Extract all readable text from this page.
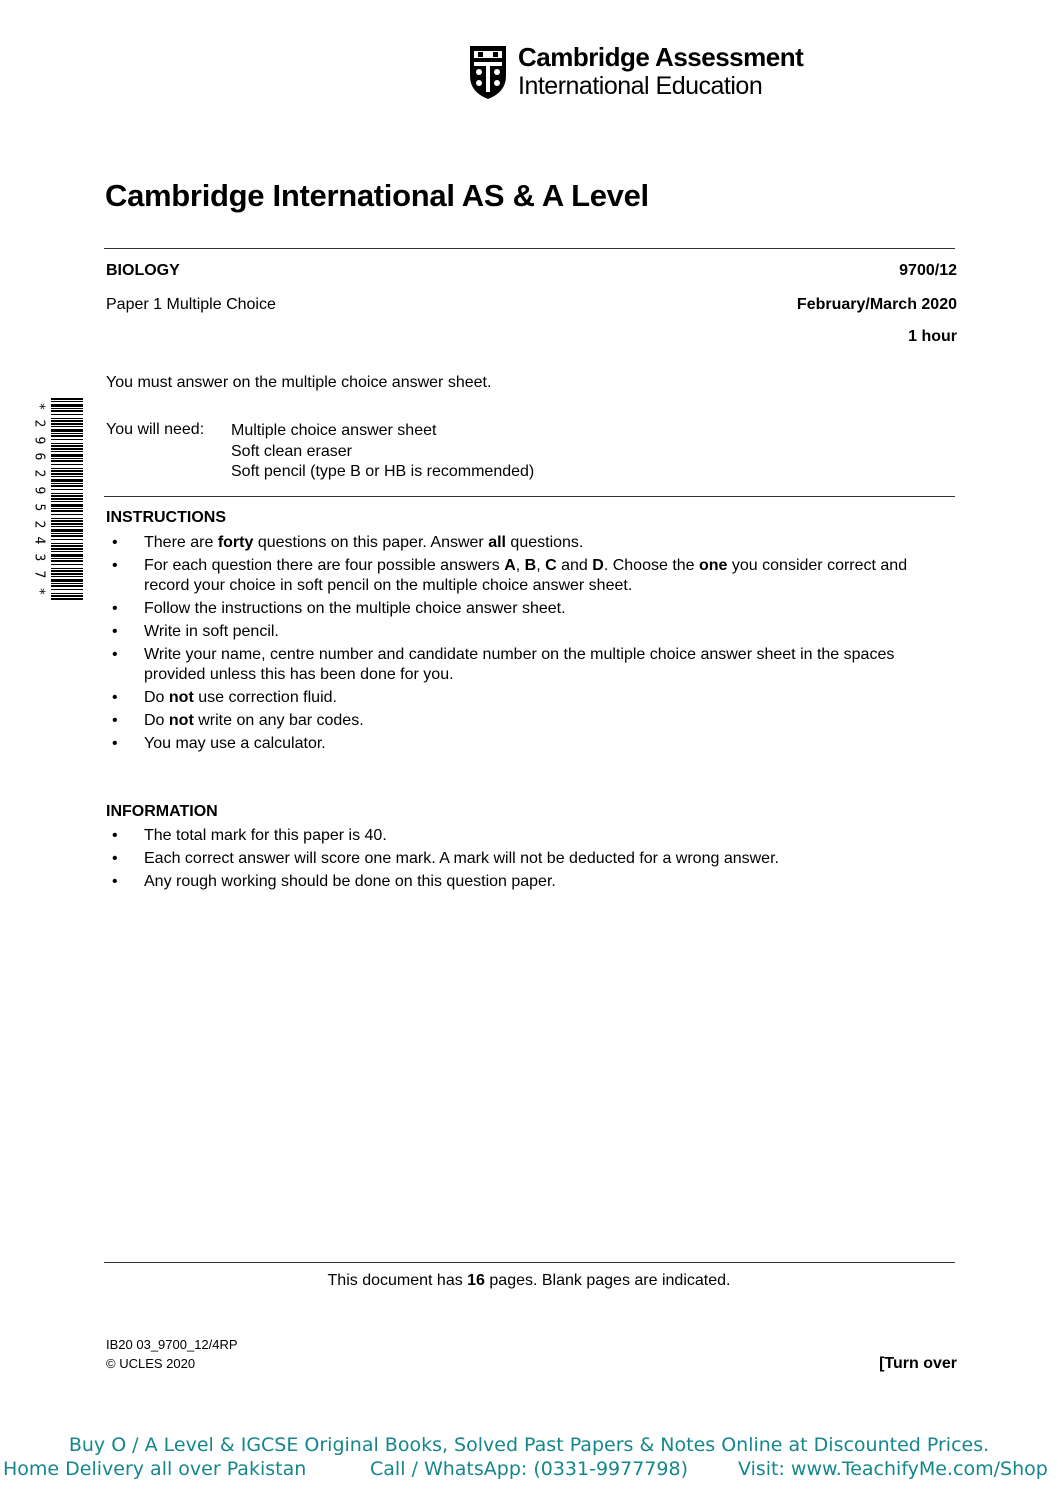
Cambridge Assessment
International Education
Cambridge International AS & A Level
BIOLOGY	9700/12
Paper 1 Multiple Choice	February/March 2020
1 hour
You must answer on the multiple choice answer sheet.
You will need: Multiple choice answer sheet
Soft clean eraser
Soft pencil (type B or HB is recommended)
*
2
9
6
2
9
5
2
4
3
7
*
INSTRUCTIONS
• There are forty questions on this paper. Answer all questions.
• For each question there are four possible answers A, B, C and D. Choose the one you consider correct and record your choice in soft pencil on the multiple choice answer sheet.
• Follow the instructions on the multiple choice answer sheet.
• Write in soft pencil.
• Write your name, centre number and candidate number on the multiple choice answer sheet in the spaces provided unless this has been done for you.
• Do not use correction fluid.
• Do not write on any bar codes.
• You may use a calculator.
INFORMATION
• The total mark for this paper is 40.
• Each correct answer will score one mark. A mark will not be deducted for a wrong answer.
• Any rough working should be done on this question paper.
This document has 16 pages. Blank pages are indicated.
IB20 03_9700_12/4RP
© UCLES 2020	[Turn over
Buy O / A Level & IGCSE Original Books, Solved Past Papers & Notes Online at Discounted Prices.
Home Delivery all over Pakistan	Call / WhatsApp: (0331-9977798)	Visit: www.TeachifyMe.com/Shop
